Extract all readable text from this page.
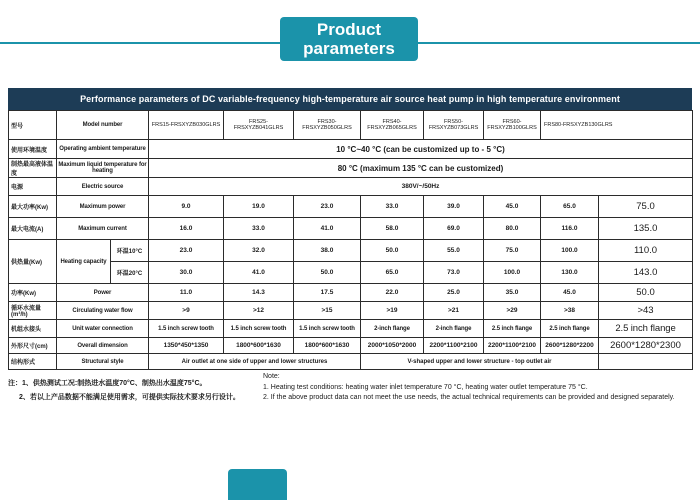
Product
parameters
Performance parameters of DC variable-frequency high-temperature air source heat pump in high temperature environment
型号	Model number		FRS15-FRSXYZB030GLRS	FRS25-FRSXYZB041GLRS	FRS30-FRSXYZB050GLRS	FRS40-FRSXYZB065GLRS	FRS50-FRSXYZB073GLRS	FRS60-FRSXYZB100GLRS	FRS80-FRSXYZB130GLRS	
使用环境温度	Operating ambient temperature		10 °C~40 °C (can be customized up to - 5 °C)							
制热最高液体温度	Maximum liquid temperature for heating		80 °C (maximum 135 °C can be customized)							
电源	Electric source		380V/~/50Hz							
最大功率(Kw)	Maximum power		9.0	19.0	23.0	33.0	39.0	45.0	65.0	75.0
最大电流(A)	Maximum current		16.0	33.0	41.0	58.0	69.0	80.0	116.0	135.0
供热量(Kw)	Heating capacity	环温10°C	23.0	32.0	38.0	50.0	55.0	75.0	100.0	110.0
		环温20°C	30.0	41.0	50.0	65.0	73.0	100.0	130.0	143.0
功率(Kw)	Power		11.0	14.3	17.5	22.0	25.0	35.0	45.0	50.0
循环水流量(m³/h)	Circulating water flow		>9	>12	>15	>19	>21	>29	>38	>43
机组水接头	Unit water connection		1.5 inch screw tooth	1.5 inch screw tooth	1.5 inch screw tooth	2-inch flange	2-inch flange	2.5 inch flange	2.5 inch flange	2.5 inch flange
外形尺寸(cm)	Overall dimension		1350*450*1350	1800*600*1630	1800*600*1630	2000*1050*2000	2200*1100*2100	2200*1100*2100	2600*1280*2200	2600*1280*2300
结构形式	Structural style		Air outlet at one side of upper and lower structures			V-shaped upper and lower structure - top outlet air				
注：1、供热测试工况:制热进水温度70°C、制热出水温度75°C。
2、若以上产品数据不能满足使用需求，可提供实际技术要求另行设计。
Note:
1. Heating test conditions: heating water inlet temperature 70 °C, heating water outlet temperature 75 °C.
2. If the above product data can not meet the use needs, the actual technical requirements can be provided and designed separately.
